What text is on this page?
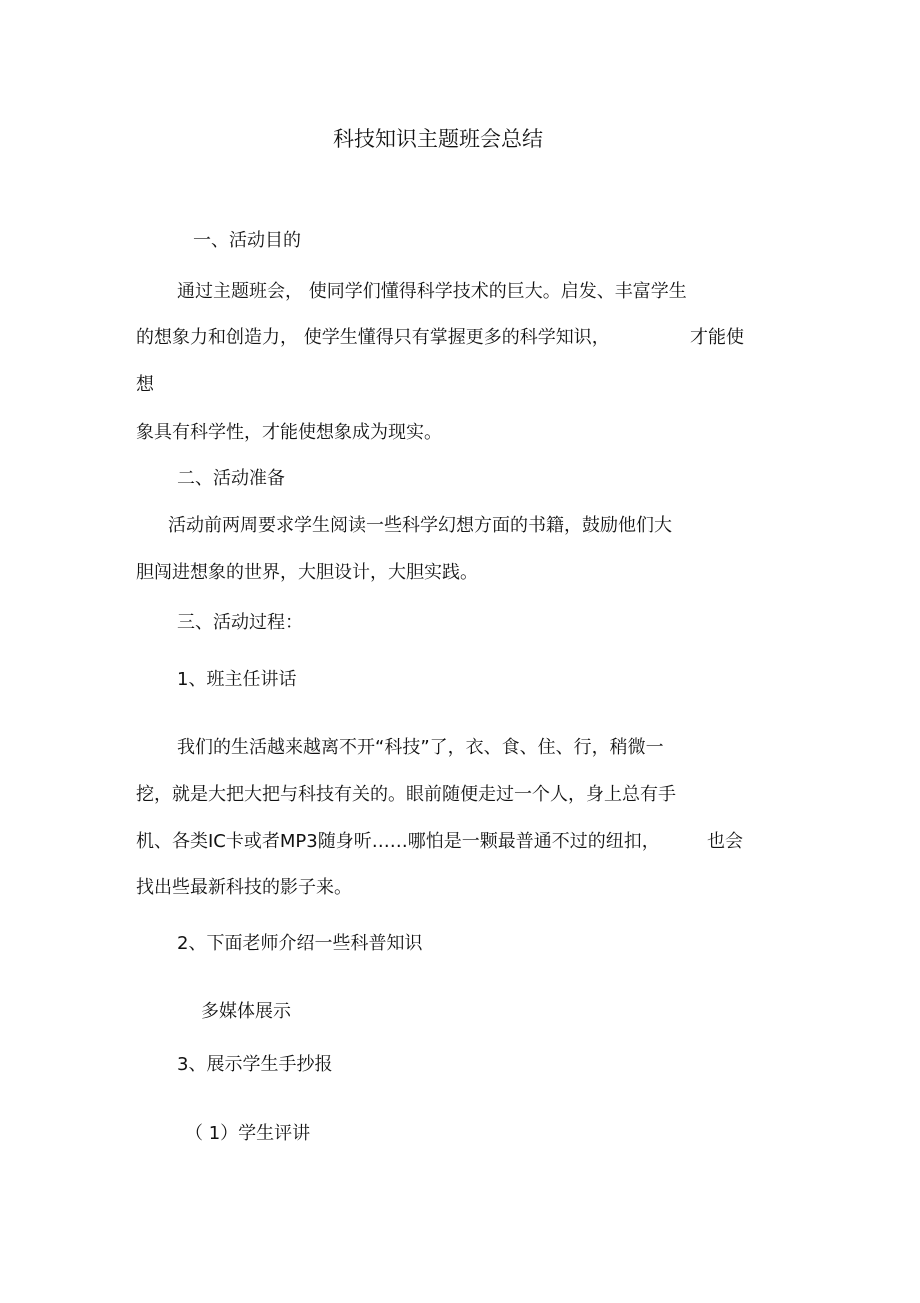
科技知识主题班会总结
一、活动目的
通过主题班会， 使同学们懂得科学技术的巨大。启发、丰富学生
的想象力和创造力， 使学生懂得只有掌握更多的科学知识，	才能使
想
象具有科学性，才能使想象成为现实。
二、活动准备
活动前两周要求学生阅读一些科学幻想方面的书籍，鼓励他们大
胆闯进想象的世界，大胆设计，大胆实践。
三、活动过程：
1、班主任讲话
我们的生活越来越离不开“科技”了，衣、食、住、行，稍微一
挖，就是大把大把与科技有关的。眼前随便走过一个人，身上总有手
机、各类IC卡或者MP3随身听……哪怕是一颗最普通不过的纽扣，	也会
找出些最新科技的影子来。
2、下面老师介绍一些科普知识
多媒体展示
3、展示学生手抄报
（ 1）学生评讲
